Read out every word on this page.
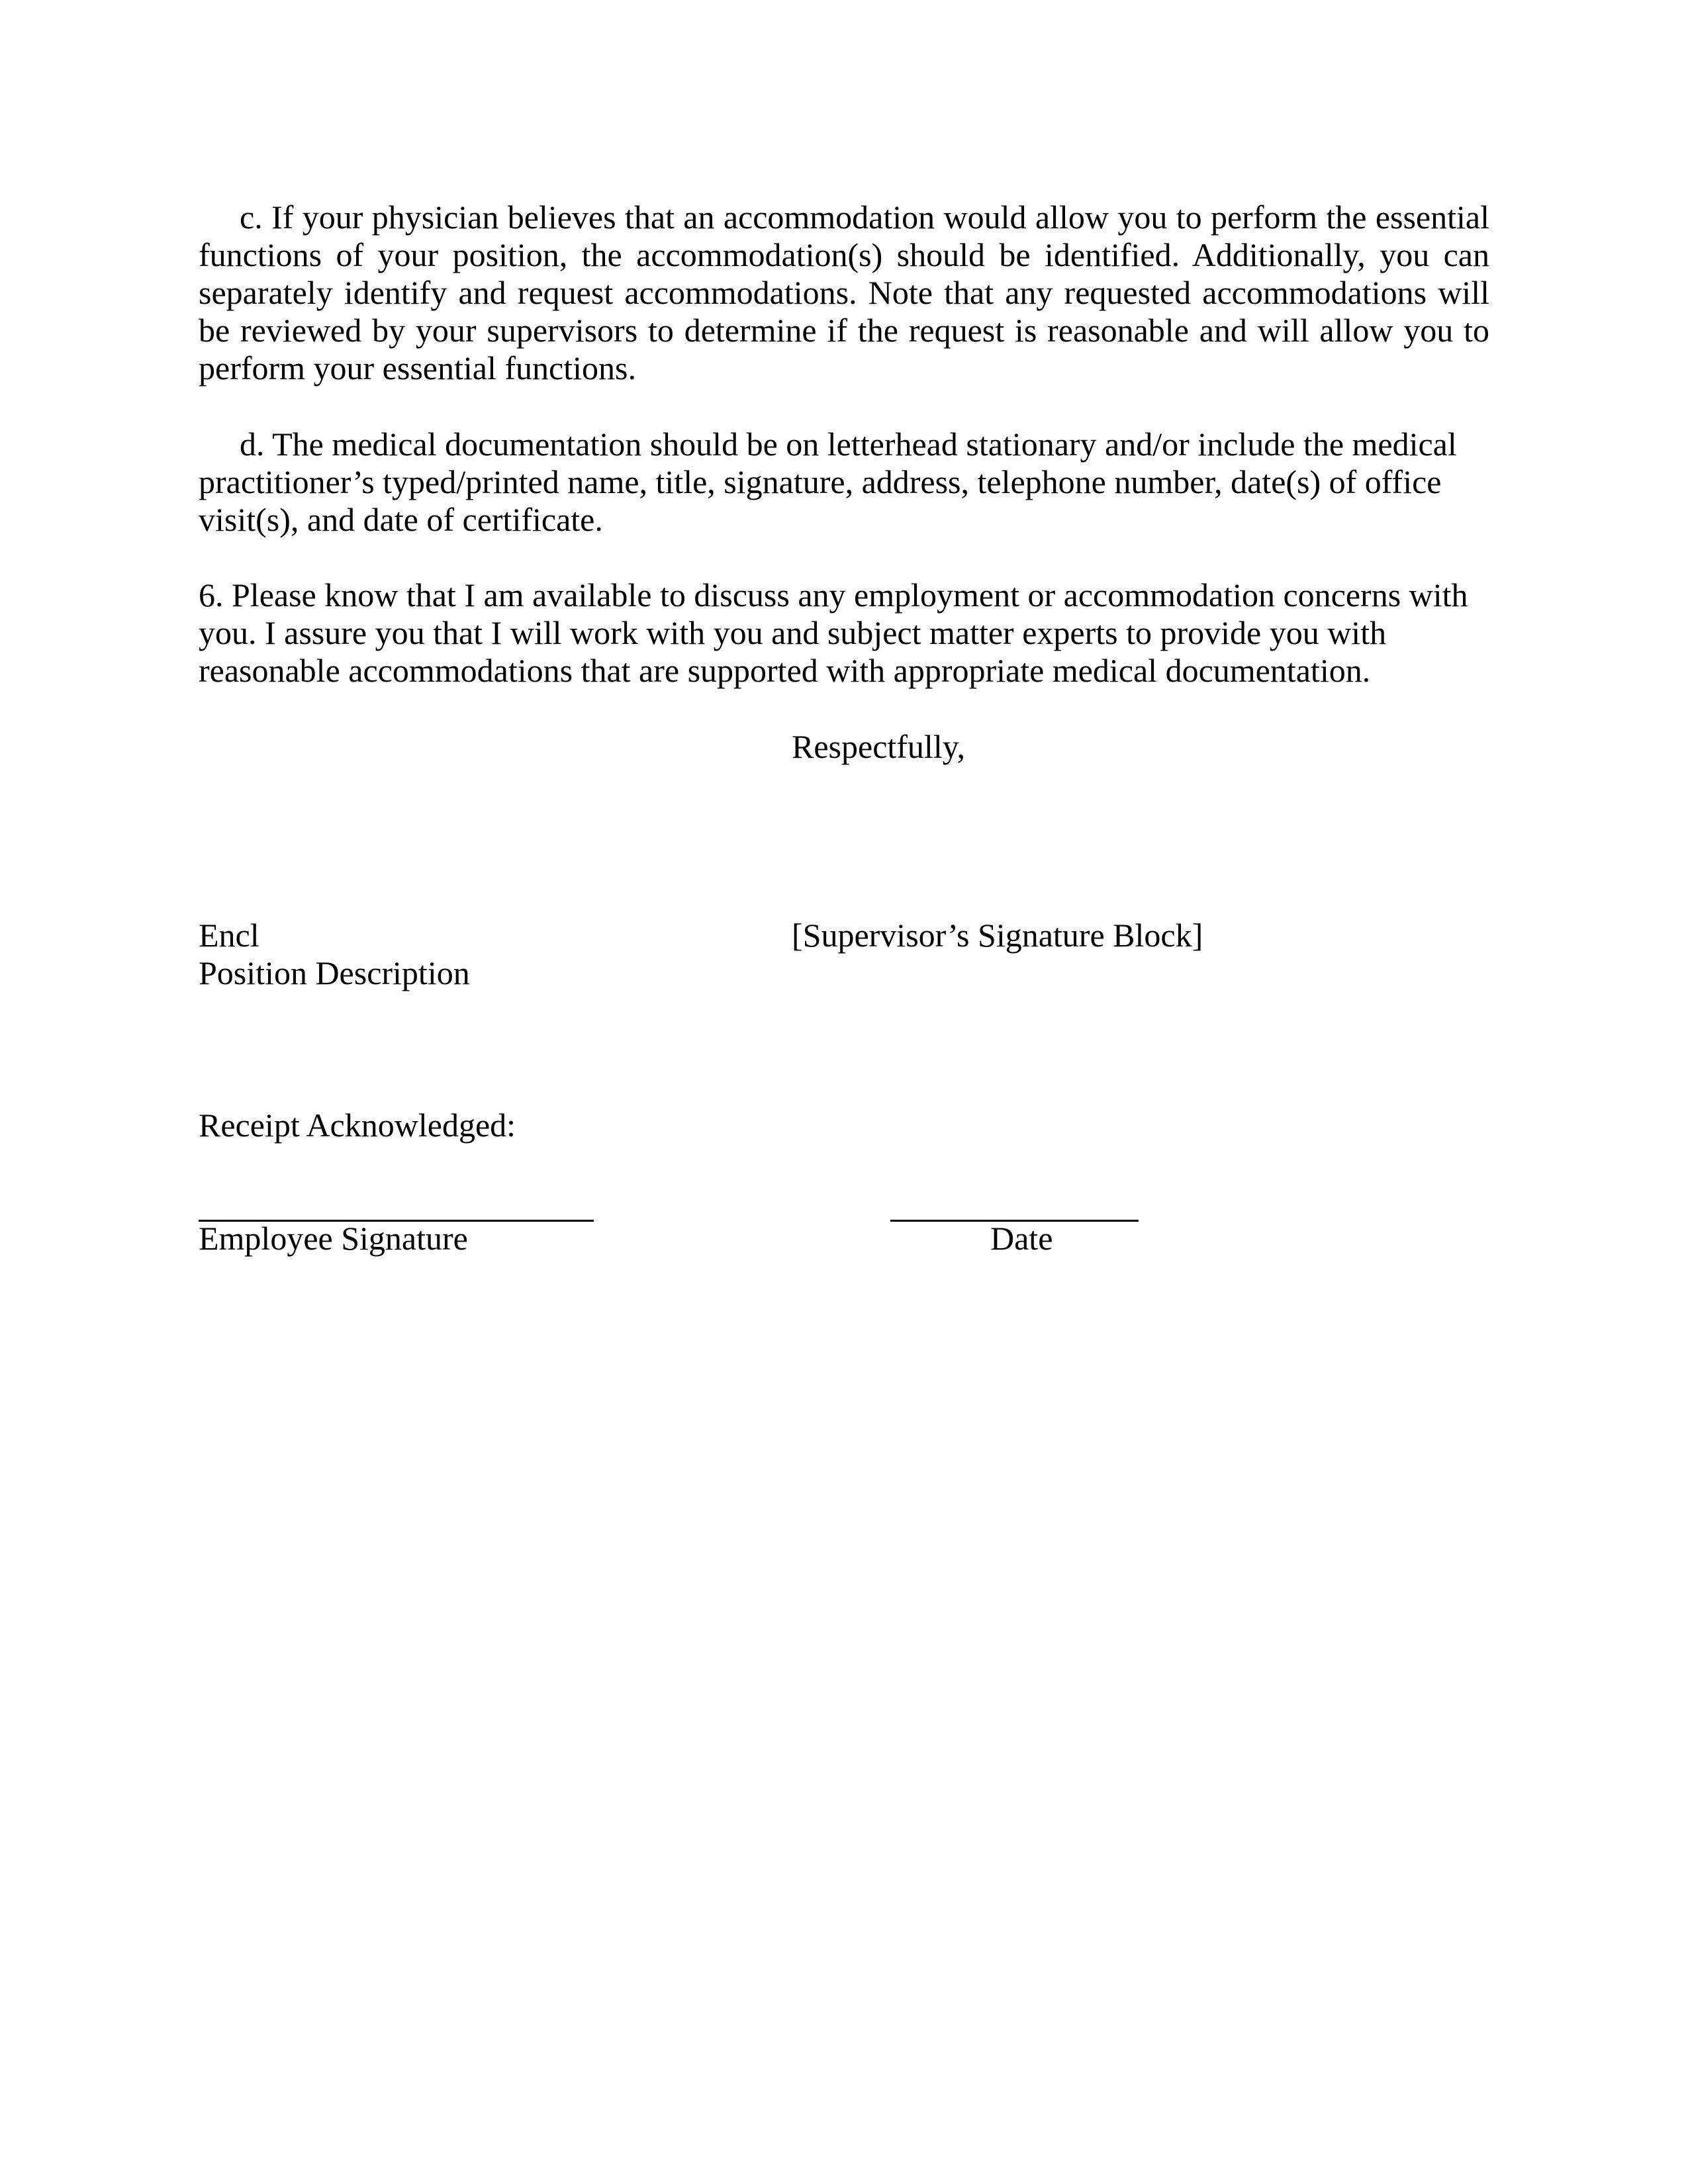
c. If your physician believes that an accommodation would allow you to perform the essential functions of your position, the accommodation(s) should be identified. Additionally, you can separately identify and request accommodations. Note that any requested accommodations will be reviewed by your supervisors to determine if the request is reasonable and will allow you to perform your essential functions.

d. The medical documentation should be on letterhead stationary and/or include the medical practitioner’s typed/printed name, title, signature, address, telephone number, date(s) of office visit(s), and date of certificate.

6. Please know that I am available to discuss any employment or accommodation concerns with

you. I assure you that I will work with you and subject matter experts to provide you with

reasonable accommodations that are supported with appropriate medical documentation.

Respectfully,

Encl

Position Description

[Supervisor’s Signature Block]

Receipt Acknowledged:

Employee Signature	Date
